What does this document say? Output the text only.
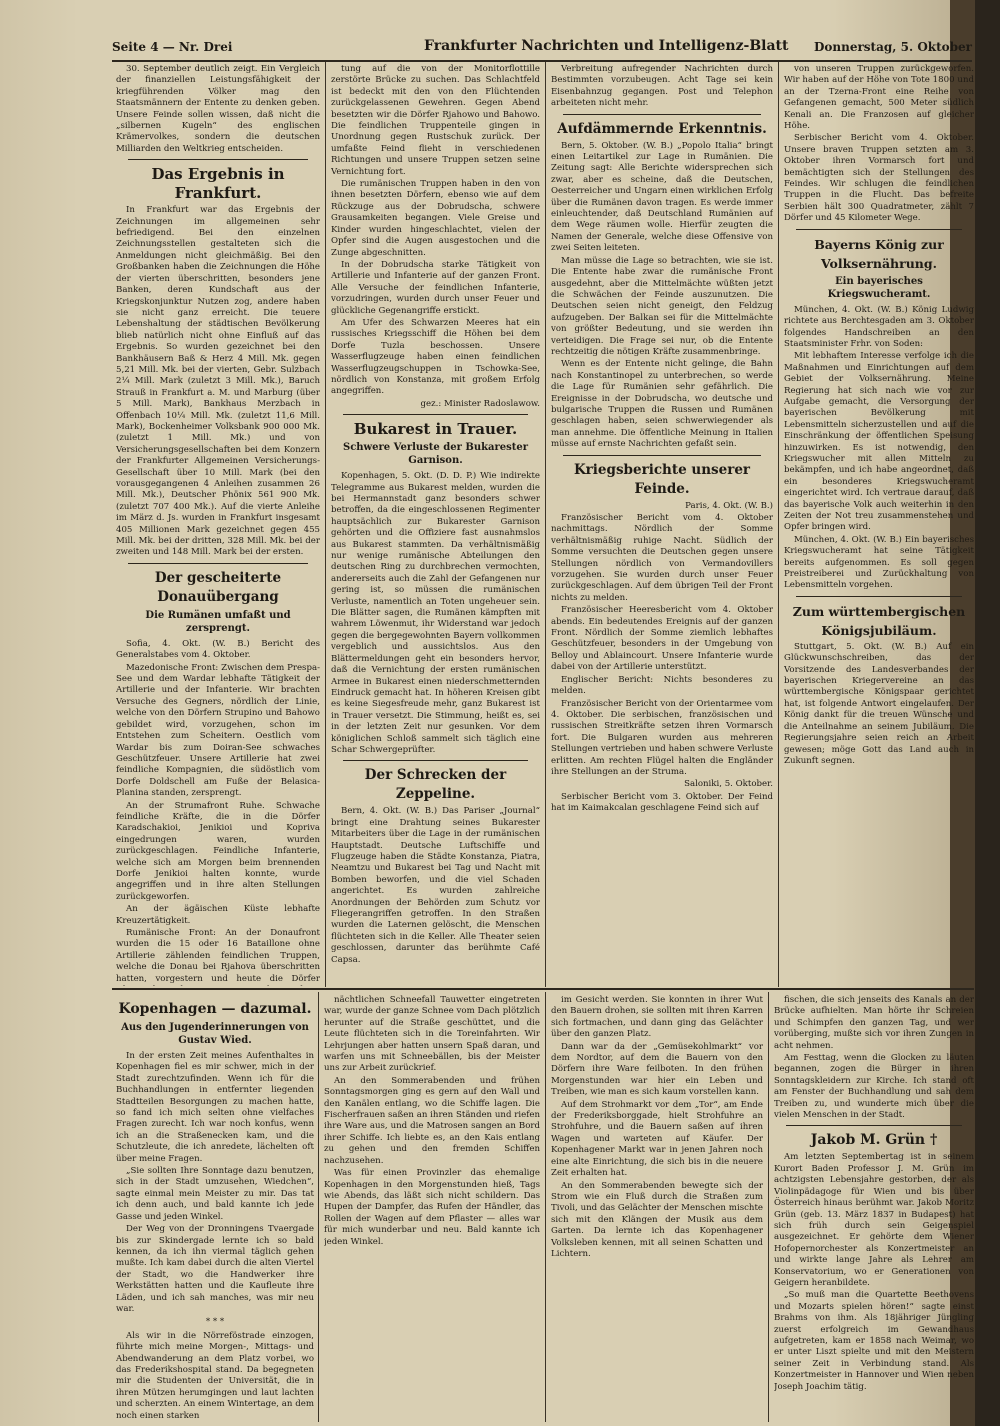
Seite 4 — Nr. Drei	Frankfurter Nachrichten und Intelligenz-Blatt Donnerstag, 5. Oktober

30. September deutlich zeigt. Ein Vergleich der finanziellen Leistungsfähigkeit der kriegführenden Völker mag den Staatsmännern der Entente zu denken geben. Unsere Feinde sollen wissen, daß nicht die „silbernen Kugeln“ des englischen Krämervolkes, sondern die deutschen Milliarden den Weltkrieg entscheiden.

Das Ergebnis in Frankfurt.

In Frankfurt war das Ergebnis der Zeichnungen im allgemeinen sehr befriedigend. Bei den einzelnen Zeichnungsstellen gestalteten sich die Anmeldungen nicht gleichmäßig. Bei den Großbanken haben die Zeichnungen die Höhe der vierten überschritten, besonders jene Banken, deren Kundschaft aus der Kriegskonjunktur Nutzen zog, andere haben sie nicht ganz erreicht. Die teuere Lebenshaltung der städtischen Bevölkerung blieb natürlich nicht ohne Einfluß auf das Ergebnis. So wurden gezeichnet bei den Bankhäusern Baß & Herz 4 Mill. Mk. gegen 5,21 Mill. Mk. bei der vierten, Gebr. Sulzbach 2¼ Mill. Mark (zuletzt 3 Mill. Mk.), Baruch Strauß in Frankfurt a. M. und Marburg (über 5 Mill. Mark), Bankhaus Merzbach in Offenbach 10¼ Mill. Mk. (zuletzt 11,6 Mill. Mark), Bockenheimer Volksbank 900 000 Mk. (zuletzt 1 Mill. Mk.) und von Versicherungsgesellschaften bei dem Konzern der Frankfurter Allgemeinen Versicherungs-Gesellschaft über 10 Mill. Mark (bei den vorausgegangenen 4 Anleihen zusammen 26 Mill. Mk.), Deutscher Phönix 561 900 Mk. (zuletzt 707 400 Mk.). Auf die vierte Anleihe im März d. Js. wurden in Frankfurt insgesamt 405 Millionen Mark gezeichnet gegen 455 Mill. Mk. bei der dritten, 328 Mill. Mk. bei der zweiten und 148 Mill. Mark bei der ersten.

Der gescheiterte Donauübergang
Die Rumänen umfaßt und zersprengt.

Sofia, 4. Okt. (W. B.) Bericht des Generalstabes vom 4. Oktober.

Mazedonische Front: Zwischen dem Prespa-See und dem Wardar lebhafte Tätigkeit der Artillerie und der Infanterie. Wir brachten Versuche des Gegners, nördlich der Linie, welche von den Dörfern Strupino und Bahowo gebildet wird, vorzugehen, schon im Entstehen zum Scheitern. Oestlich vom Wardar bis zum Doiran-See schwaches Geschützfeuer. Unsere Artillerie hat zwei feindliche Kompagnien, die südöstlich vom Dorfe Doldschell am Fuße der Belasica-Planina standen, zersprengt.

An der Strumafront Ruhe. Schwache feindliche Kräfte, die in die Dörfer Karadschakioi, Jenikioi und Kopriva eingedrungen waren, wurden zurückgeschlagen. Feindliche Infanterie, welche sich am Morgen beim brennenden Dorfe Jenikioi halten konnte, wurde angegriffen und in ihre alten Stellungen zurückgeworfen.

An der ägäischen Küste lebhafte Kreuzertätigkeit.

Rumänische Front: An der Donaufront wurden die 15 oder 16 Bataillone ohne Artillerie zählenden feindlichen Truppen, welche die Donau bei Rjahova überschritten hatten, vorgestern und heute die Dörfer

tung auf die von der Monitorflottille zerstörte Brücke zu suchen. Das Schlachtfeld ist bedeckt mit den von den Flüchtenden zurückgelassenen Gewehren. Gegen Abend besetzten wir die Dörfer Rjahowo und Bahowo. Die feindlichen Truppenteile gingen in Unordnung gegen Rustschuk zurück. Der umfaßte Feind flieht in verschiedenen Richtungen und unsere Truppen setzen seine Vernichtung fort.

Die rumänischen Truppen haben in den von ihnen besetzten Dörfern, ebenso wie auf dem Rückzuge aus der Dobrudscha, schwere Grausamkeiten begangen. Viele Greise und Kinder wurden hingeschlachtet, vielen der Opfer sind die Augen ausgestochen und die Zunge abgeschnitten.

In der Dobrudscha starke Tätigkeit von Artillerie und Infanterie auf der ganzen Front. Alle Versuche der feindlichen Infanterie, vorzudringen, wurden durch unser Feuer und glückliche Gegenangriffe erstickt.

Am Ufer des Schwarzen Meeres hat ein russisches Kriegsschiff die Höhen bei dem Dorfe Tuzla beschossen. Unsere Wasserflugzeuge haben einen feindlichen Wasserflugzeugschuppen in Tschowka-See, nördlich von Konstanza, mit großem Erfolg angegriffen.

gez.: Minister Radoslawow.
Bukarest in Trauer.
Schwere Verluste der Bukarester Garnison.

Kopenhagen, 5. Okt. (D. D. P.) Wie indirekte Telegramme aus Bukarest melden, wurden die bei Hermannstadt ganz besonders schwer betroffen, da die eingeschlossenen Regimenter hauptsächlich zur Bukarester Garnison gehörten und die Offiziere fast ausnahmslos aus Bukarest stammten. Da verhältnismäßig nur wenige rumänische Abteilungen den deutschen Ring zu durchbrechen vermochten, andererseits auch die Zahl der Gefangenen nur gering ist, so müssen die rumänischen Verluste, namentlich an Toten ungeheuer sein. Die Blätter sagen, die Rumänen kämpften mit wahrem Löwenmut, ihr Widerstand war jedoch gegen die bergegewohnten Bayern vollkommen vergeblich und aussichtslos. Aus den Blättermeldungen geht ein besonders hervor, daß die Vernichtung der ersten rumänischen Armee in Bukarest einen niederschmetternden Eindruck gemacht hat. In höheren Kreisen gibt es keine Siegesfreude mehr, ganz Bukarest ist in Trauer versetzt. Die Stimmung, heißt es, sei in der letzten Zeit nur gesunken. Vor dem königlichen Schloß sammelt sich täglich eine Schar Schwergeprüfter.

Der Schrecken der Zeppeline.

Bern, 4. Okt. (W. B.) Das Pariser „Journal“ bringt eine Drahtung seines Bukarester Mitarbeiters über die Lage in der rumänischen Hauptstadt. Deutsche Luftschiffe und Flugzeuge haben die Städte Konstanza, Piatra, Neamtzu und Bukarest bei Tag und Nacht mit Bomben beworfen, und die viel Schaden angerichtet. Es wurden zahlreiche Anordnungen der Behörden zum Schutz vor Fliegerangriffen getroffen. In den Straßen wurden die Laternen gelöscht, die Menschen flüchteten sich in die Keller. Alle Theater seien geschlossen, darunter das berühmte Café Capsa.

Verbreitung aufregender Nachrichten durch Bestimmten vorzubeugen. Acht Tage sei kein Eisenbahnzug gegangen. Post und Telephon arbeiteten nicht mehr.

Aufdämmernde Erkenntnis.

Bern, 5. Oktober. (W. B.) „Popolo Italia“ bringt einen Leitartikel zur Lage in Rumänien. Die Zeitung sagt: Alle Berichte widersprechen sich zwar, aber es scheine, daß die Deutschen, Oesterreicher und Ungarn einen wirklichen Erfolg über die Rumänen davon tragen. Es werde immer einleuchtender, daß Deutschland Rumänien auf dem Wege räumen wolle. Hierfür zeugten die Namen der Generale, welche diese Offensive von zwei Seiten leiteten.

Man müsse die Lage so betrachten, wie sie ist. Die Entente habe zwar die rumänische Front ausgedehnt, aber die Mittelmächte wüßten jetzt die Schwächen der Feinde auszunutzen. Die Deutschen seien nicht geneigt, den Feldzug aufzugeben. Der Balkan sei für die Mittelmächte von größter Bedeutung, und sie werden ihn verteidigen. Die Frage sei nur, ob die Entente rechtzeitig die nötigen Kräfte zusammenbringe.

Wenn es der Entente nicht gelinge, die Bahn nach Konstantinopel zu unterbrechen, so werde die Lage für Rumänien sehr gefährlich. Die Ereignisse in der Dobrudscha, wo deutsche und bulgarische Truppen die Russen und Rumänen geschlagen haben, seien schwerwiegender als man annehme. Die öffentliche Meinung in Italien müsse auf ernste Nachrichten gefaßt sein.

Kriegsberichte unserer Feinde.
Paris, 4. Okt. (W. B.)

Französischer Bericht vom 4. Oktober nachmittags. Nördlich der Somme verhältnismäßig ruhige Nacht. Südlich der Somme versuchten die Deutschen gegen unsere Stellungen nördlich von Vermandovillers vorzugehen. Sie wurden durch unser Feuer zurückgeschlagen. Auf dem übrigen Teil der Front nichts zu melden.

Französischer Heeresbericht vom 4. Oktober abends. Ein bedeutendes Ereignis auf der ganzen Front. Nördlich der Somme ziemlich lebhaftes Geschützfeuer, besonders in der Umgebung von Belloy und Ablaincourt. Unsere Infanterie wurde dabei von der Artillerie unterstützt.

Englischer Bericht: Nichts besonderes zu melden.

Französischer Bericht von der Orientarmee vom 4. Oktober. Die serbischen, französischen und russischen Streitkräfte setzen ihren Vormarsch fort. Die Bulgaren wurden aus mehreren Stellungen vertrieben und haben schwere Verluste erlitten. Am rechten Flügel halten die Engländer ihre Stellungen an der Struma.

Saloniki, 5. Oktober.

Serbischer Bericht vom 3. Oktober. Der Feind hat im Kaimakcalan geschlagene Feind sich auf

von unseren Truppen zurückgeworfen. Wir haben auf der Höhe von Tote 1800 und an der Tzerna-Front eine Reihe von Gefangenen gemacht, 500 Meter südlich Kenali an. Die Franzosen auf gleicher Höhe.

Serbischer Bericht vom 4. Oktober. Unsere braven Truppen setzten am 3. Oktober ihren Vormarsch fort und bemächtigten sich der Stellungen des Feindes. Wir schlugen die feindlichen Truppen in die Flucht. Das befreite Serbien hält 300 Quadratmeter, zählt 7 Dörfer und 45 Kilometer Wege.

Bayerns König zur Volksernährung.
Ein bayerisches Kriegswucheramt.

München, 4. Okt. (W. B.) König Ludwig richtete aus Berchtesgaden am 3. Oktober folgendes Handschreiben an den Staatsminister Frhr. von Soden:

Mit lebhaftem Interesse verfolge ich die Maßnahmen und Einrichtungen auf dem Gebiet der Volksernährung. Meine Regierung hat sich nach wie vor zur Aufgabe gemacht, die Versorgung der bayerischen Bevölkerung mit Lebensmitteln sicherzustellen und auf die Einschränkung der öffentlichen Speisung hinzuwirken. Es ist notwendig, den Kriegswucher mit allen Mitteln zu bekämpfen, und ich habe angeordnet, daß ein besonderes Kriegswucheramt eingerichtet wird. Ich vertraue darauf, daß das bayerische Volk auch weiterhin in den Zeiten der Not treu zusammenstehen und Opfer bringen wird.

München, 4. Okt. (W. B.) Ein bayerisches Kriegswucheramt hat seine Tätigkeit bereits aufgenommen. Es soll gegen Preistreiberei und Zurückhaltung von Lebensmitteln vorgehen.

Zum württembergischen Königsjubiläum.

Stuttgart, 5. Okt. (W. B.) Auf ein Glückwunschschreiben, das der Vorsitzende des Landesverbandes der bayerischen Kriegervereine an das württembergische Königspaar gerichtet hat, ist folgende Antwort eingelaufen. Der König dankt für die treuen Wünsche und die Anteilnahme an seinem Jubiläum. Die Regierungsjahre seien reich an Arbeit gewesen; möge Gott das Land auch in Zukunft segnen.

Kopenhagen — dazumal.
Aus den Jugenderinnerungen von Gustav Wied.

In der ersten Zeit meines Aufenthaltes in Kopenhagen fiel es mir schwer, mich in der Stadt zurechtzufinden. Wenn ich für die Buchhandlungen in entfernter liegenden Stadtteilen Besorgungen zu machen hatte, so fand ich mich selten ohne vielfaches Fragen zurecht. Ich war noch konfus, wenn ich an die Straßenecken kam, und die Schutzleute, die ich anredete, lächelten oft über meine Fragen.

„Sie sollten Ihre Sonntage dazu benutzen, sich in der Stadt umzusehen, Wiedchen“, sagte einmal mein Meister zu mir. Das tat ich denn auch, und bald kannte ich jede Gasse und jeden Winkel.

Der Weg von der Dronningens Tvaergade bis zur Skindergade lernte ich so bald kennen, da ich ihn viermal täglich gehen mußte. Ich kam dabei durch die alten Viertel der Stadt, wo die Handwerker ihre Werkstätten hatten und die Kaufleute ihre Läden, und ich sah manches, was mir neu war.

* * *

Als wir in die Nörreföstrade einzogen, führte mich meine Morgen-, Mittags- und Abendwanderung an dem Platz vorbei, wo das Frederikshospital stand. Da begegneten mir die Studenten der Universität, die in ihren Mützen herumgingen und laut lachten und scherzten. An einem Wintertage, an dem noch einen starken

nächtlichen Schneefall Tauwetter eingetreten war, wurde der ganze Schnee vom Dach plötzlich herunter auf die Straße geschüttet, und die Leute flüchteten sich in die Toreinfahrten. Wir Lehrjungen aber hatten unsern Spaß daran, und warfen uns mit Schneebällen, bis der Meister uns zur Arbeit zurückrief.

An den Sommerabenden und frühen Sonntagsmorgen ging es gern auf den Wall und den Kanälen entlang, wo die Schiffe lagen. Die Fischerfrauen saßen an ihren Ständen und riefen ihre Ware aus, und die Matrosen sangen an Bord ihrer Schiffe. Ich liebte es, an den Kais entlang zu gehen und den fremden Schiffen nachzusehen.

Was für einen Provinzler das ehemalige Kopenhagen in den Morgenstunden hieß, Tags wie Abends, das läßt sich nicht schildern. Das Hupen der Dampfer, das Rufen der Händler, das Rollen der Wagen auf dem Pflaster — alles war für mich wunderbar und neu. Bald kannte ich jeden Winkel.

im Gesicht werden. Sie konnten in ihrer Wut den Bauern drohen, sie sollten mit ihren Karren sich fortmachen, und dann ging das Gelächter über den ganzen Platz.

Dann war da der „Gemüsekohlmarkt“ vor dem Nordtor, auf dem die Bauern von den Dörfern ihre Ware feilboten. In den frühen Morgenstunden war hier ein Leben und Treiben, wie man es sich kaum vorstellen kann.

Auf dem Strohmarkt vor dem „Tor“, am Ende der Frederiksborggade, hielt Strohfuhre an Strohfuhre, und die Bauern saßen auf ihren Wagen und warteten auf Käufer. Der Kopenhagener Markt war in jenen Jahren noch eine alte Einrichtung, die sich bis in die neuere Zeit erhalten hat.

An den Sommerabenden bewegte sich der Strom wie ein Fluß durch die Straßen zum Tivoli, und das Gelächter der Menschen mischte sich mit den Klängen der Musik aus dem Garten. Da lernte ich das Kopenhagener Volksleben kennen, mit all seinen Schatten und Lichtern.

fischen, die sich jenseits des Kanals an der Brücke aufhielten. Man hörte ihr Schreien und Schimpfen den ganzen Tag, und wer vorüberging, mußte sich vor ihren Zungen in acht nehmen.

Am Festtag, wenn die Glocken zu läuten begannen, zogen die Bürger in ihren Sonntagskleidern zur Kirche. Ich stand oft am Fenster der Buchhandlung und sah dem Treiben zu, und wunderte mich über die vielen Menschen in der Stadt.

Jakob M. Grün †

Am letzten Septembertag ist in seinem Kurort Baden Professor J. M. Grün im achtzigsten Lebensjahre gestorben, der als Violinpädagoge für Wien und bis über Österreich hinaus berühmt war. Jakob Moritz Grün (geb. 13. März 1837 in Budapest) hat sich früh durch sein Geigenspiel ausgezeichnet. Er gehörte dem Wiener Hofopernorchester als Konzertmeister an und wirkte lange Jahre als Lehrer am Konservatorium, wo er Generationen von Geigern heranbildete.

„So muß man die Quartette Beethovens und Mozarts spielen hören!“ sagte einst Brahms von ihm. Als 18jähriger Jüngling zuerst erfolgreich im Gewandhaus aufgetreten, kam er 1858 nach Weimar, wo er unter Liszt spielte und mit den Meistern seiner Zeit in Verbindung stand. Als Konzertmeister in Hannover und Wien neben Joseph Joachim tätig.
